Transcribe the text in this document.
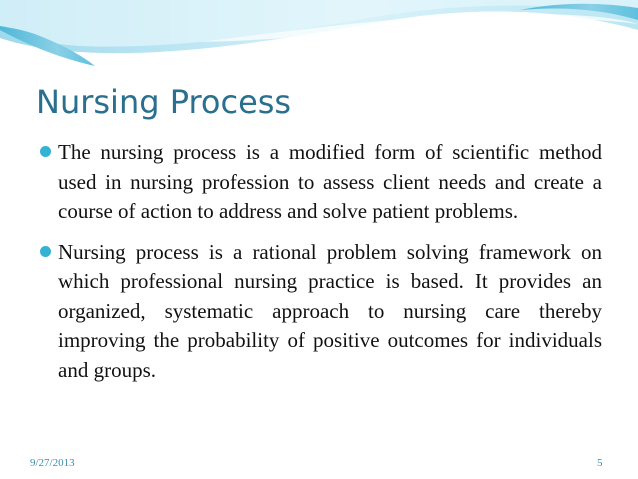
Nursing Process
The nursing process is a modified form of scientific method used in nursing profession to assess client needs and create a course of action to address and solve patient problems.
Nursing process is a rational problem solving framework on which professional nursing practice is based. It provides an organized, systematic approach to nursing care thereby improving the probability of positive outcomes for individuals and groups.
9/27/2013	5
